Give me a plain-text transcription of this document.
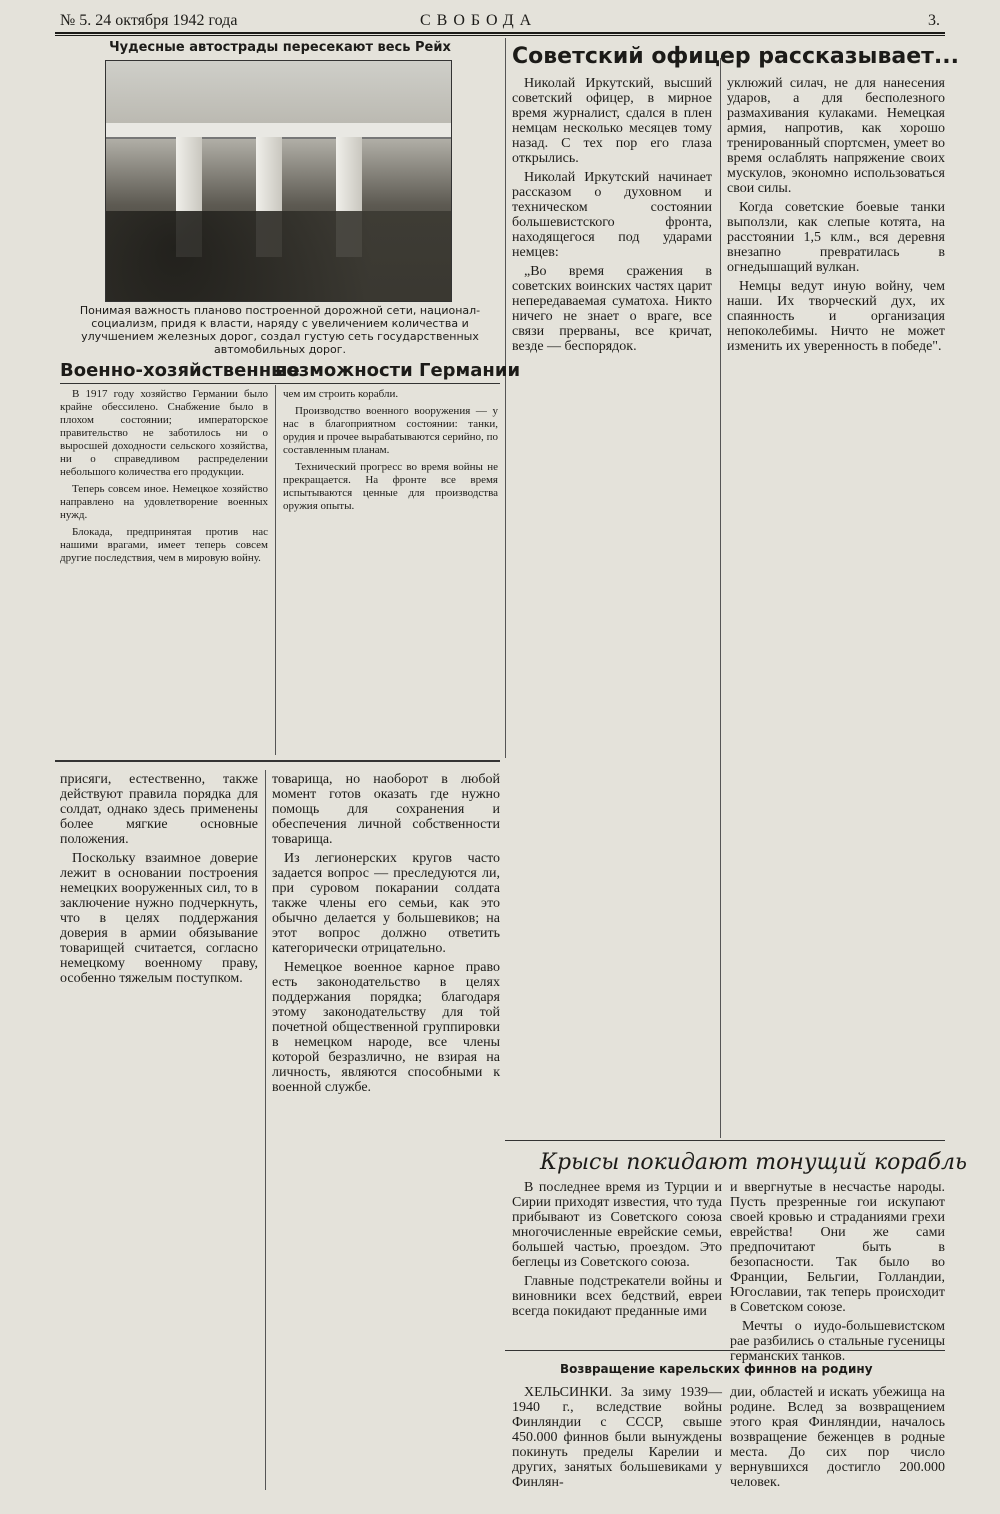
№ 5. 24 октября 1942 года	СВОБОДА	3.
Чудесные автострады пересекают весь Рейх
Понимая важность планово построенной дорожной сети, национал-социализм, придя к власти, наряду с увеличением количества и улучшением железных дорог, создал густую сеть государственных автомобильных дорог.
Военно-хозяйственные
возможности Германии

В 1917 году хозяйство Германии было крайне обессилено. Снабжение было в плохом состоянии; императорское правительство не заботилось ни о выросшей доходности сельского хозяйства, ни о справедливом распределении небольшого количества его продукции.

Теперь совсем иное. Немецкое хозяйство направлено на удовлетворение военных нужд.

Блокада, предпринятая против нас нашими врагами, имеет теперь совсем другие последствия, чем в мировую войну.

чем им строить корабли.

Производство военного вооружения — у нас в благоприятном состоянии: танки, орудия и прочее вырабатываются серийно, по составленным планам.

Технический прогресс во время войны не прекращается. На фронте все время испытываются ценные для производства оружия опыты.

Советский офицер рассказывает...

Николай Иркутский, высший советский офицер, в мирное время журналист, сдался в плен немцам несколько месяцев тому назад. С тех пор его глаза открылись.

Николай Иркутский начинает рассказом о духовном и техническом состоянии большевистского фронта, находящегося под ударами немцев:

„Во время сражения в советских воинских частях царит непередаваемая суматоха. Никто ничего не знает о враге, все связи прерваны, все кричат, везде — беспорядок.

уклюжий силач, не для нанесения ударов, а для бесполезного размахивания кулаками. Немецкая армия, напротив, как хорошо тренированный спортсмен, умеет во время ослаблять напряжение своих мускулов, экономно использоваться свои силы.

Когда советские боевые танки выползли, как слепые котята, на расстоянии 1,5 клм., вся деревня внезапно превратилась в огнедышащий вулкан.

Немцы ведут иную войну, чем наши. Их творческий дух, их спаянность и организация непоколебимы. Ничто не может изменить их уверенность в победе".

присяги, естественно, также действуют правила порядка для солдат, однако здесь применены более мягкие основные положения.

Поскольку взаимное доверие лежит в основании построения немецких вооруженных сил, то в заключение нужно подчеркнуть, что в целях поддержания доверия в армии обязывание товарищей считается, согласно немецкому военному праву, особенно тяжелым поступком.

товарища, но наоборот в любой момент готов оказать где нужно помощь для сохранения и обеспечения личной собственности товарища.

Из легионерских кругов часто задается вопрос — преследуются ли, при суровом покарании солдата также члены его семьи, как это обычно делается у большевиков; на этот вопрос должно ответить категорически отрицательно.

Немецкое военное карное право есть законодательство в целях поддержания порядка; благодаря этому законодательству для той почетной общественной группировки в немецком народе, все члены которой безразлично, не взирая на личность, являются способными к военной службе.

Крысы покидают тонущий корабль

В последнее время из Турции и Сирии приходят известия, что туда прибывают из Советского союза многочисленные еврейские семьи, большей частью, проездом. Это беглецы из Советского союза.

Главные подстрекатели войны и виновники всех бедствий, евреи всегда покидают преданные ими

и ввергнутые в несчастье народы. Пусть презренные гои искупают своей кровью и страданиями грехи еврейства! Они же сами предпочитают быть в безопасности. Так было во Франции, Бельгии, Голландии, Югославии, так теперь происходит в Советском союзе.

Мечты о иудо-большевистском рае разбились о стальные гусеницы германских танков.

Возвращение карельских финнов на родину

ХЕЛЬСИНКИ. За зиму 1939—1940 г., вследствие войны Финляндии с СССР, свыше 450.000 финнов были вынуждены покинуть пределы Карелии и других, занятых большевиками у Финлян-

дии, областей и искать убежища на родине. Вслед за возвращением этого края Финляндии, началось возвращение беженцев в родные места. До сих пор число вернувшихся достигло 200.000 человек.
